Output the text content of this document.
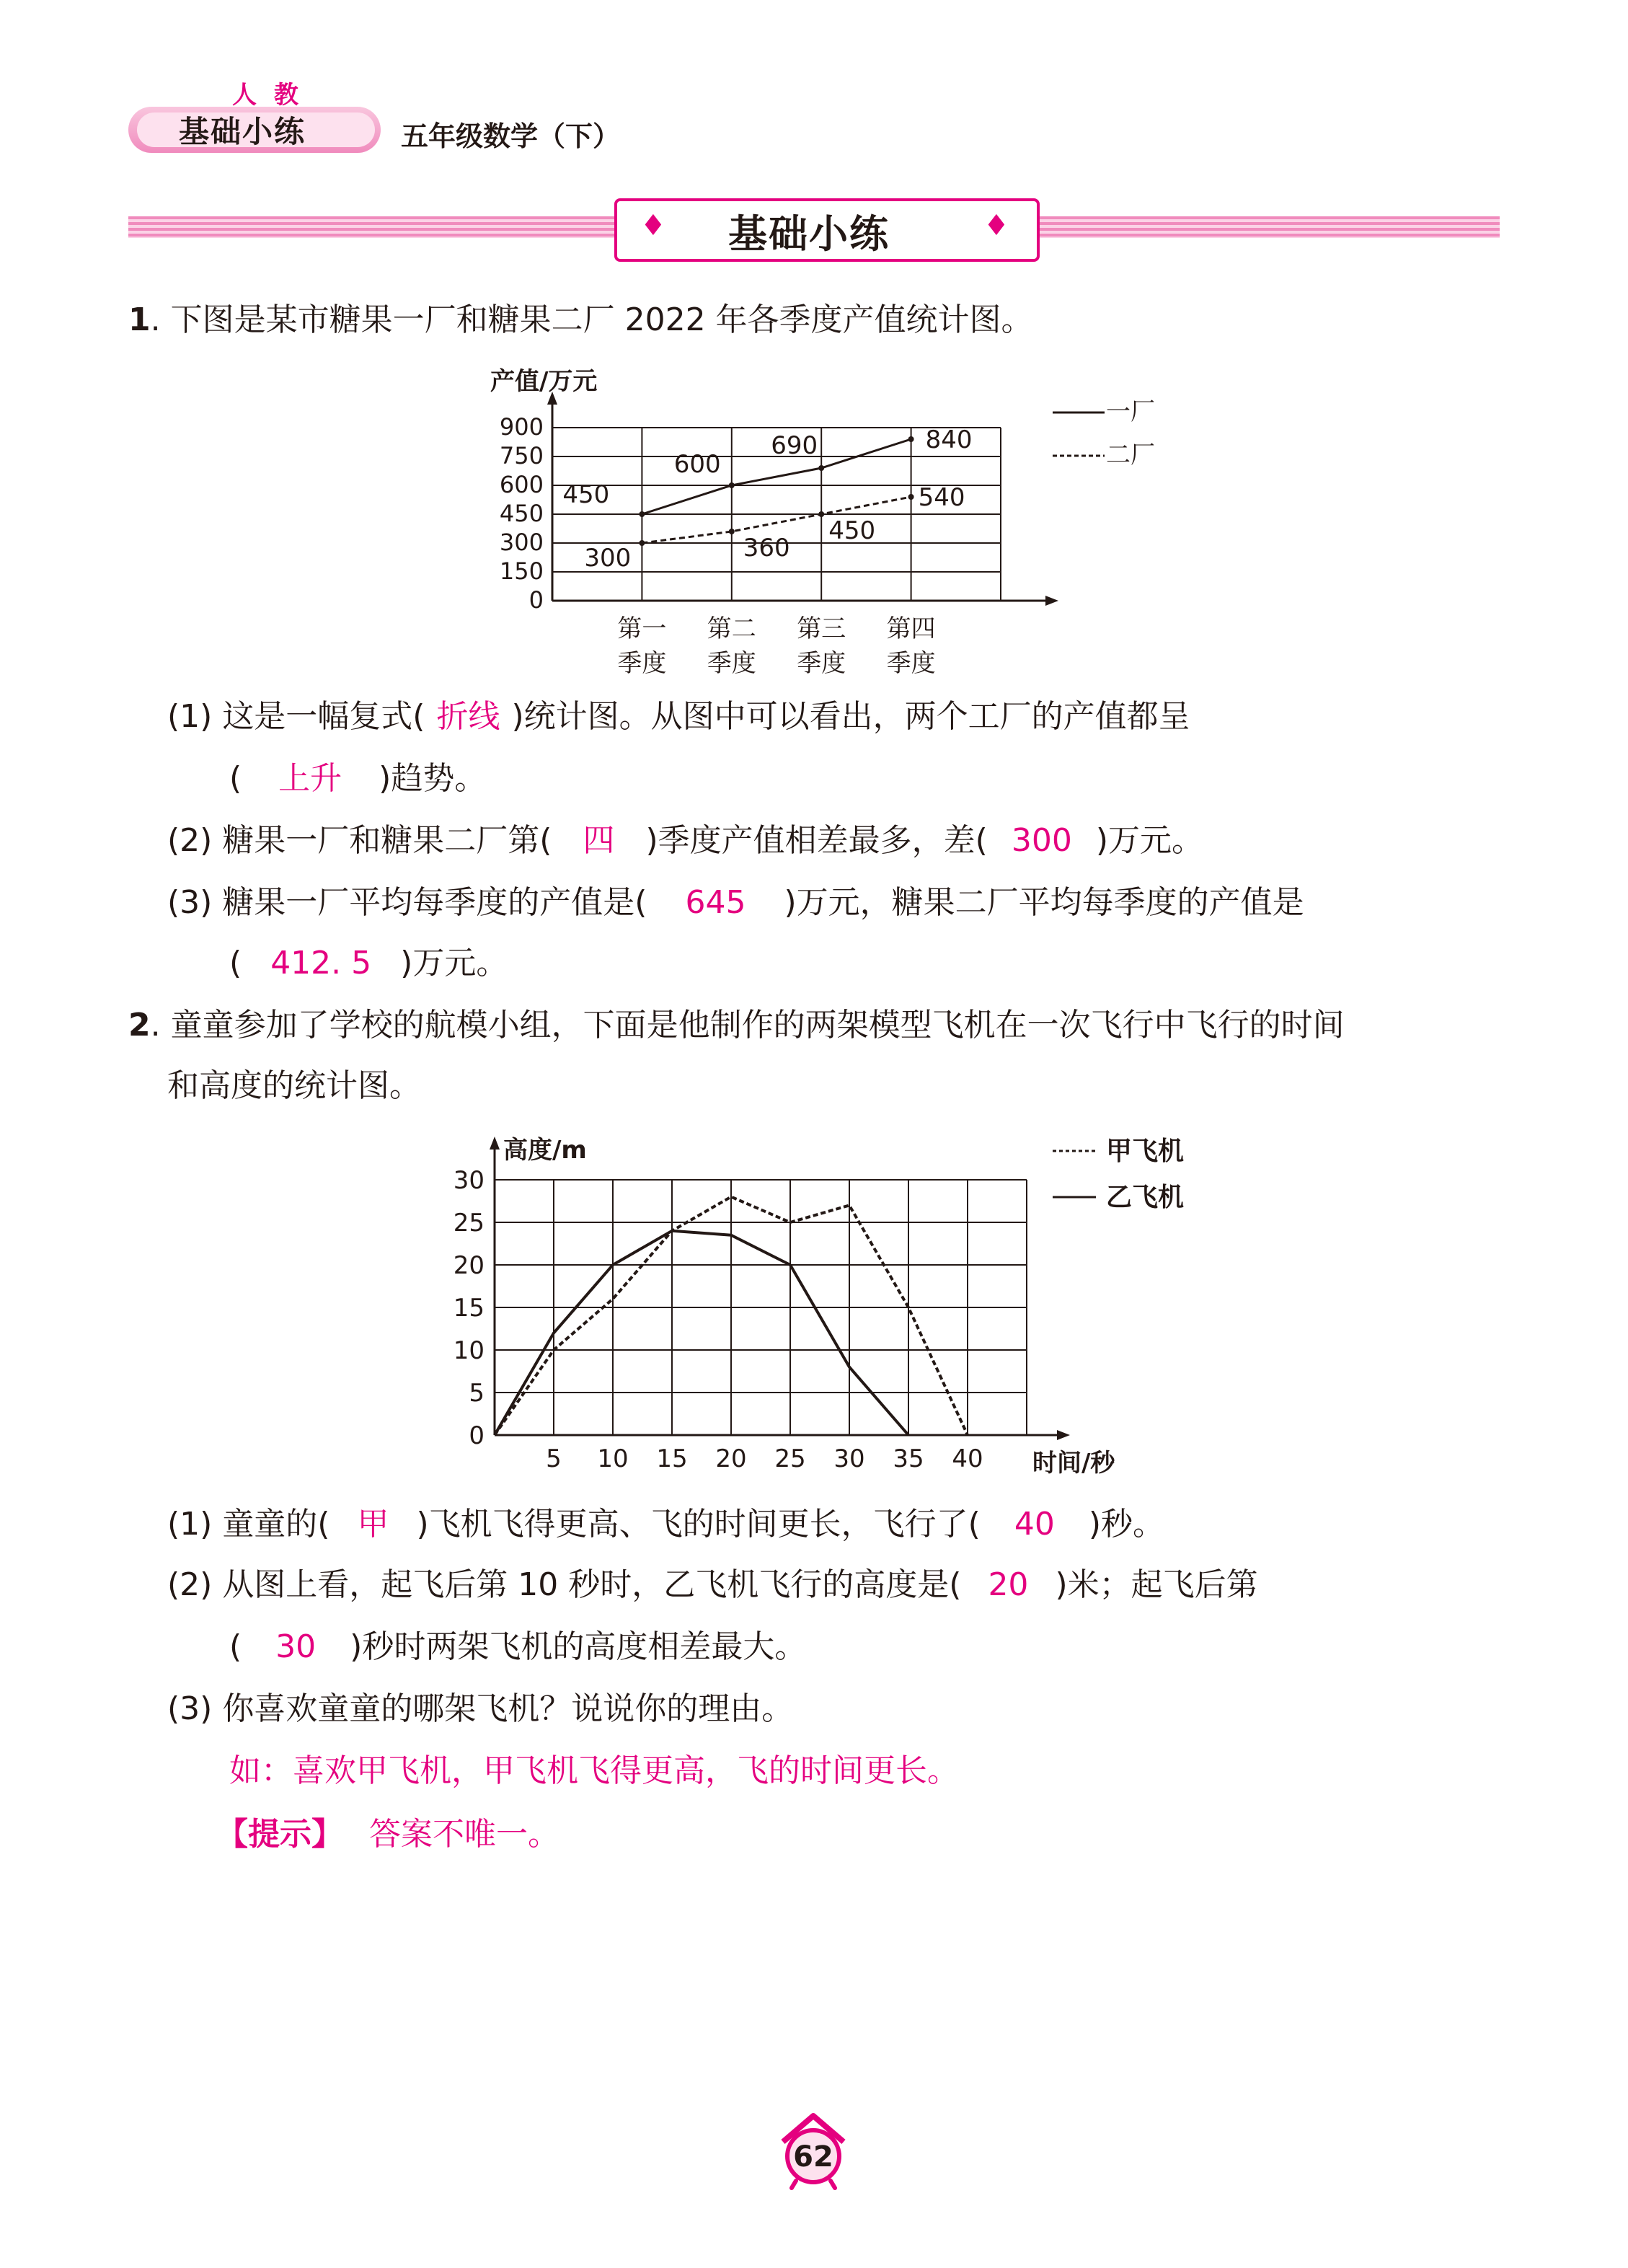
人 教
基础小练	五年级数学（下）
♦	♦
基础小练
1. 下图是某市糖果一厂和糖果二厂 2022 年各季度产值统计图。
0
150
300
450
600
750
900
产值/万元
第一
季度
第二
季度
第三
季度
第四
季度
450
600
690	840
一厂
300	360
450
540
二厂
(1) 这是一幅复式( 折线 )统计图。从图中可以看出，两个工厂的产值都呈
( 上升 )趋势。
(2) 糖果一厂和糖果二厂第( 四 )季度产值相差最多，差( 300 )万元。
(3) 糖果一厂平均每季度的产值是( 645 )万元，糖果二厂平均每季度的产值是
( 412. 5 )万元。
2. 童童参加了学校的航模小组，下面是他制作的两架模型飞机在一次飞行中飞行的时间
和高度的统计图。
高度/m
时间/秒
0
5
10
15
20
25
30
5 10 15 20 25 30 35 40
甲飞机
乙飞机
(1) 童童的( 甲 )飞机飞得更高、飞的时间更长，飞行了( 40 )秒。
(2) 从图上看，起飞后第 10 秒时，乙飞机飞行的高度是( 20 )米；起飞后第
( 30 )秒时两架飞机的高度相差最大。
(3) 你喜欢童童的哪架飞机？说说你的理由。
如：喜欢甲飞机，甲飞机飞得更高，飞的时间更长。
【提示】 答案不唯一。
62
